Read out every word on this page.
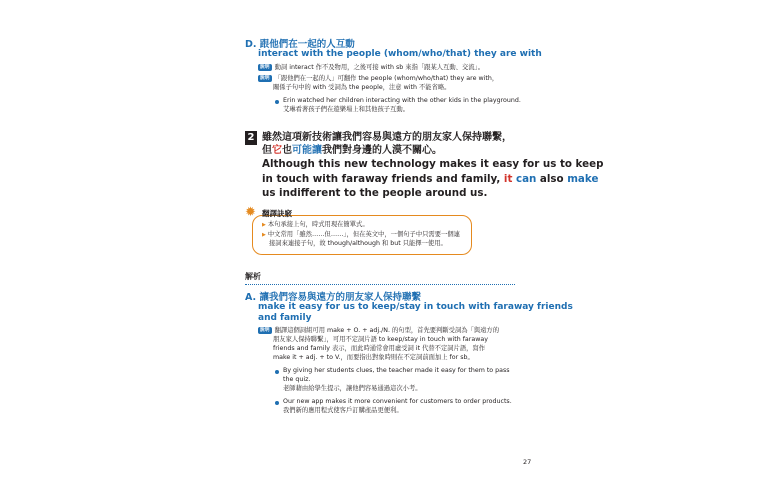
D. 跟他們在一起的人互動
interact with the people (whom/who/that) they are with
說明 動詞 interact 作不及物用，之後可接 with sb 來指「跟某人互動、交流」。
說明 「跟他們在一起的人」可翻作 the people (whom/who/that) they are with，
關係子句中的 with 受詞為 the people，注意 with 不能省略。
Erin watched her children interacting with the other kids in the playground.
艾琳看著孩子們在遊樂場上和其他孩子互動。
2 雖然這項新技術讓我們容易與遠方的朋友家人保持聯繫，
但它也可能讓我們對身邊的人漠不關心。
Although this new technology makes it easy for us to keep
in touch with faraway friends and family, it can also make
us indifferent to the people around us.
✹ 翻譯訣竅
▶ 本句承接上句，時式用現在簡單式。
▶ 中文常用「雖然……但……」，但在英文中，一個句子中只需要一個連
接詞來連接子句，故 though/although 和 but 只能擇一使用。
解析
A. 讓我們容易與遠方的朋友家人保持聯繫
make it easy for us to keep/stay in touch with faraway friends
and family
說明 翻譯這個詞組可用 make + O. + adj./N. 的句型，首先要判斷受詞為「與遠方的
朋友家人保持聯繫」，可用不定詞片語 to keep/stay in touch with faraway
friends and family 表示，而此時通常會用虛受詞 it 代替不定詞片語，寫作
make it + adj. + to V.，而要指出對象時則在不定詞前面加上 for sb。
By giving her students clues, the teacher made it easy for them to pass
the quiz.
老師藉由給學生提示，讓他們容易通過這次小考。
Our new app makes it more convenient for customers to order products.
我們新的應用程式使客戶訂購產品更便利。
27
